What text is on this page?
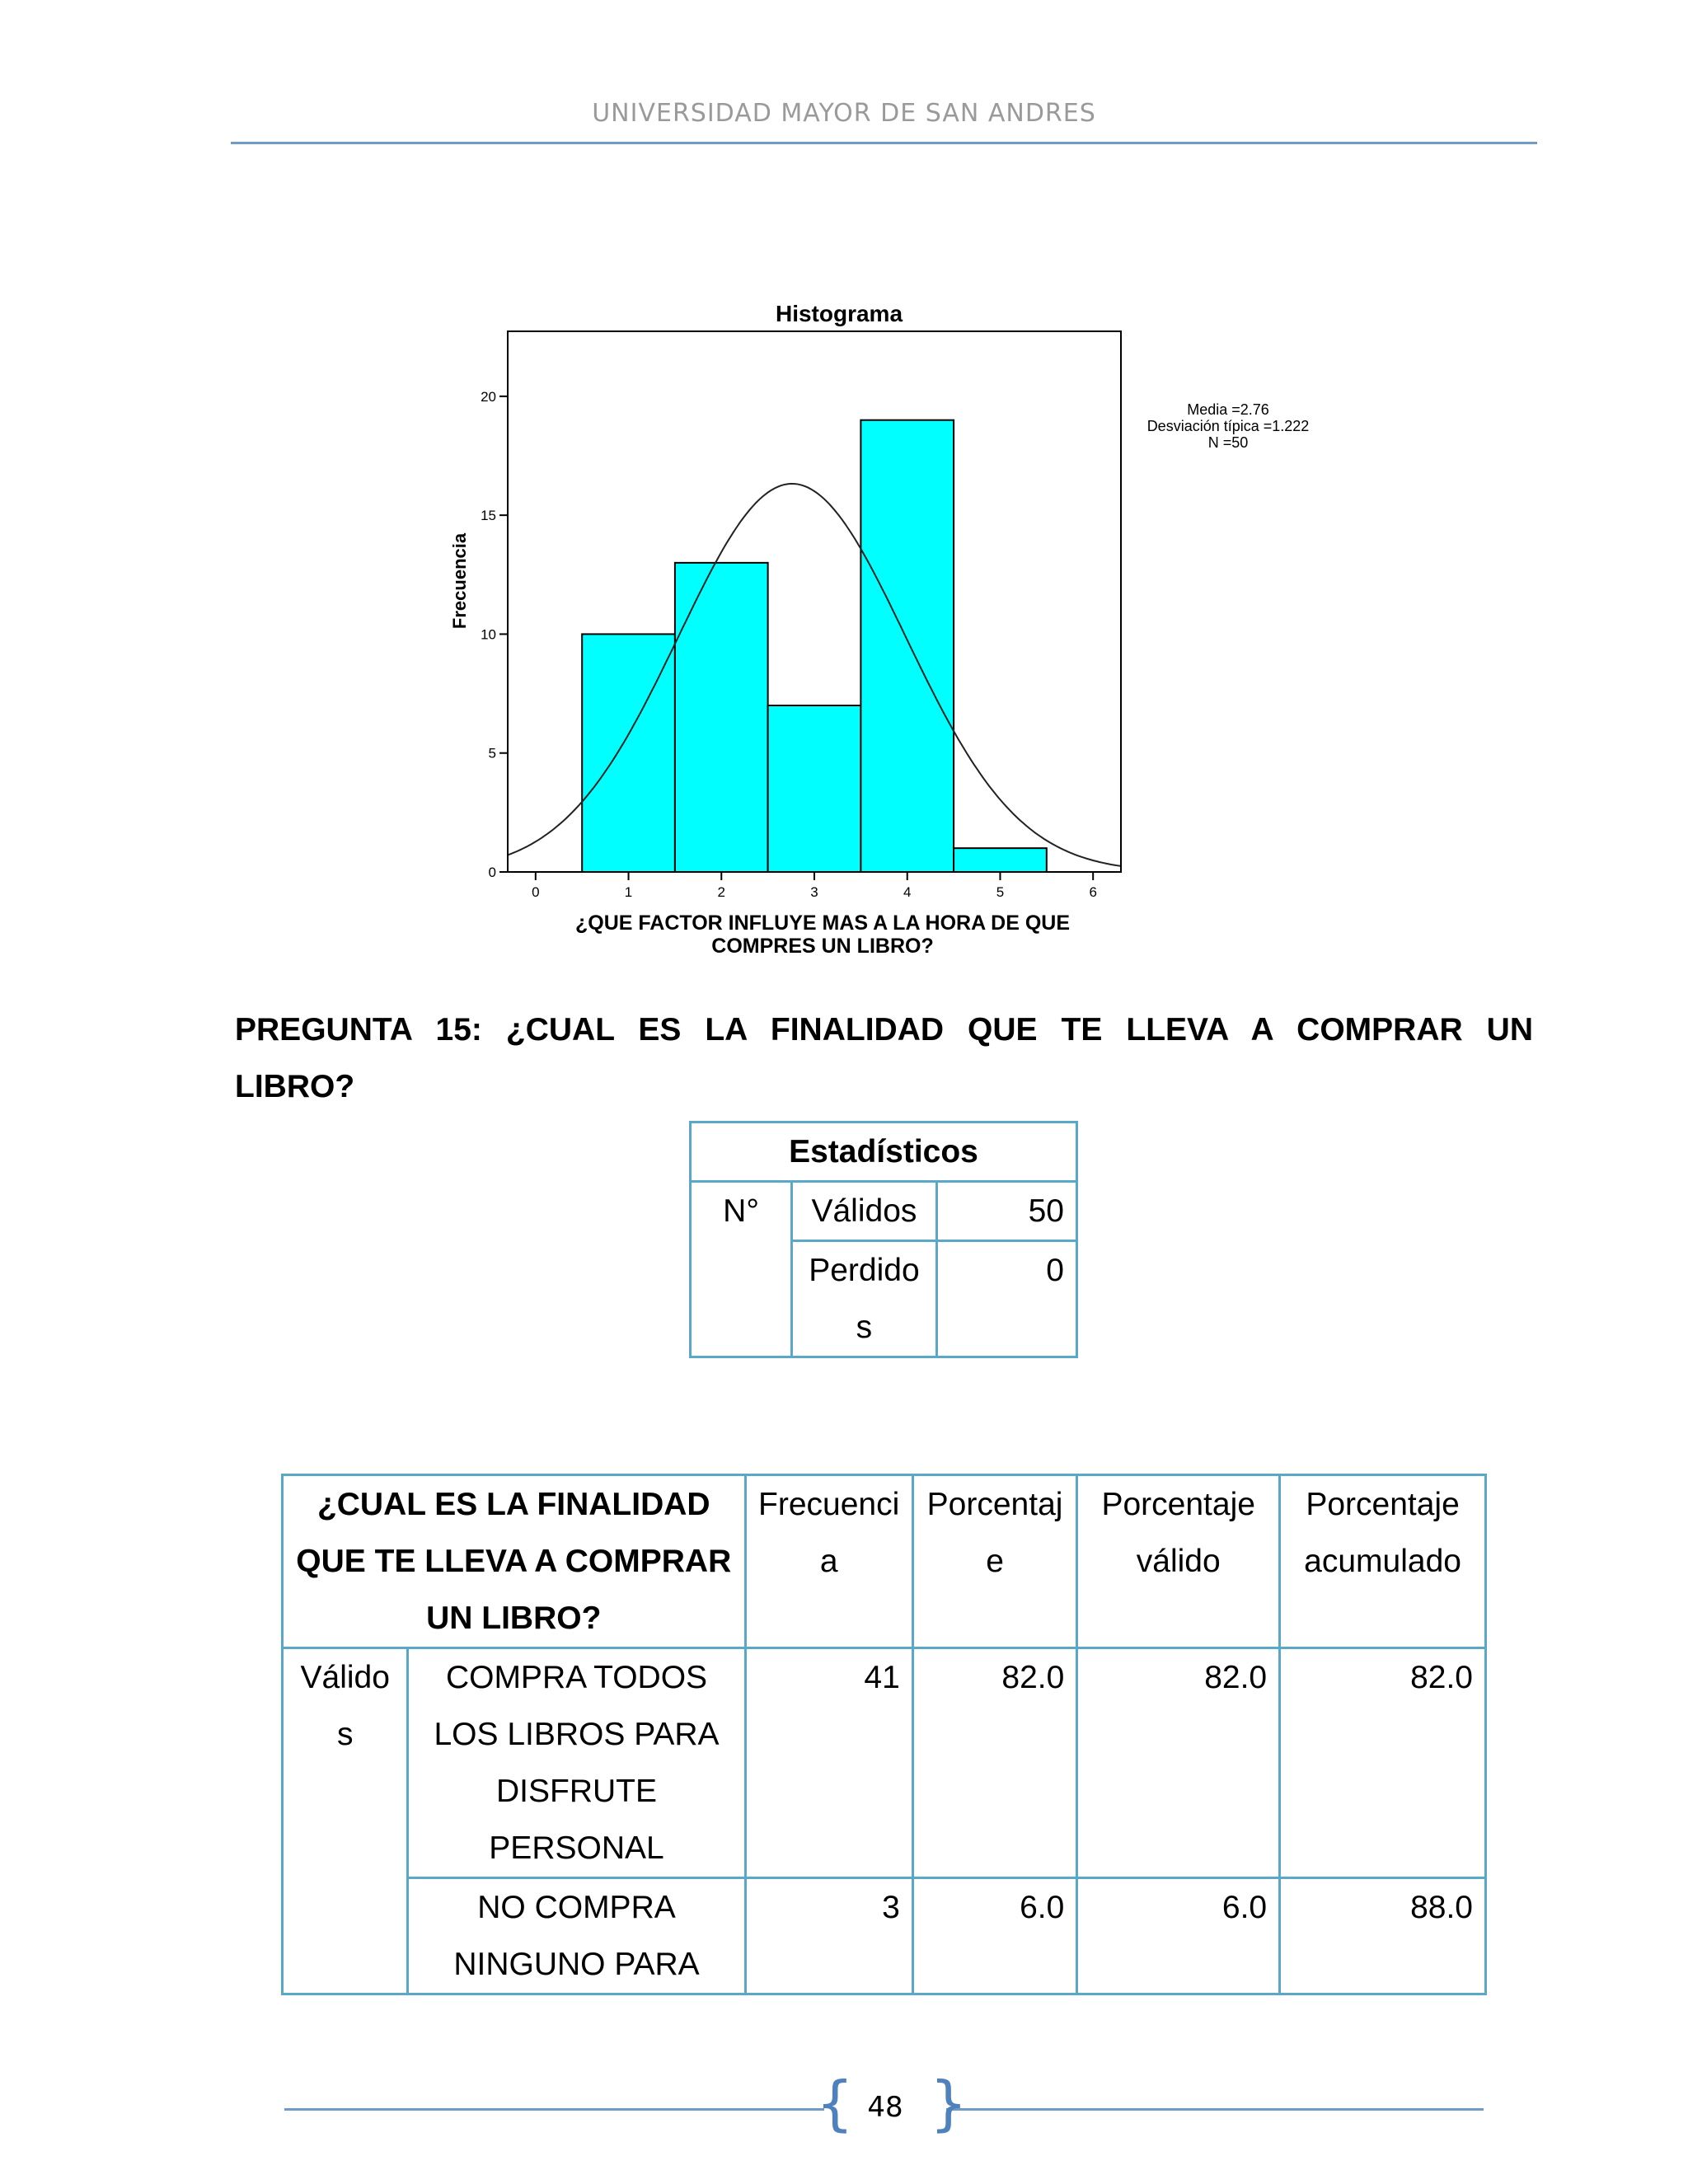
UNIVERSIDAD MAYOR DE SAN ANDRES
Histograma
0
5
10
15
20
0	1	2	3	4	5	6
Frecuencia
¿QUE FACTOR INFLUYE MAS A LA HORA DE QUE
COMPRES UN LIBRO?
Media =2.76
Desviación típica =1.222
N =50
PREGUNTA 15: ¿CUAL ES LA FINALIDAD QUE TE LLEVA A COMPRAR UN LIBRO?
Estadísticos		
N°	Válidos	50
	Perdidos	0
¿CUAL ES LA FINALIDAD QUE TE LLEVA A COMPRAR UN LIBRO?		Frecuencia	Porcentaje	Porcentaje válido	Porcentaje acumulado
Válidos	COMPRA TODOS LOS LIBROS PARA DISFRUTE PERSONAL	41	82.0	82.0	82.0
	NO COMPRA NINGUNO PARA	3	6.0	6.0	88.0
{ }
48
